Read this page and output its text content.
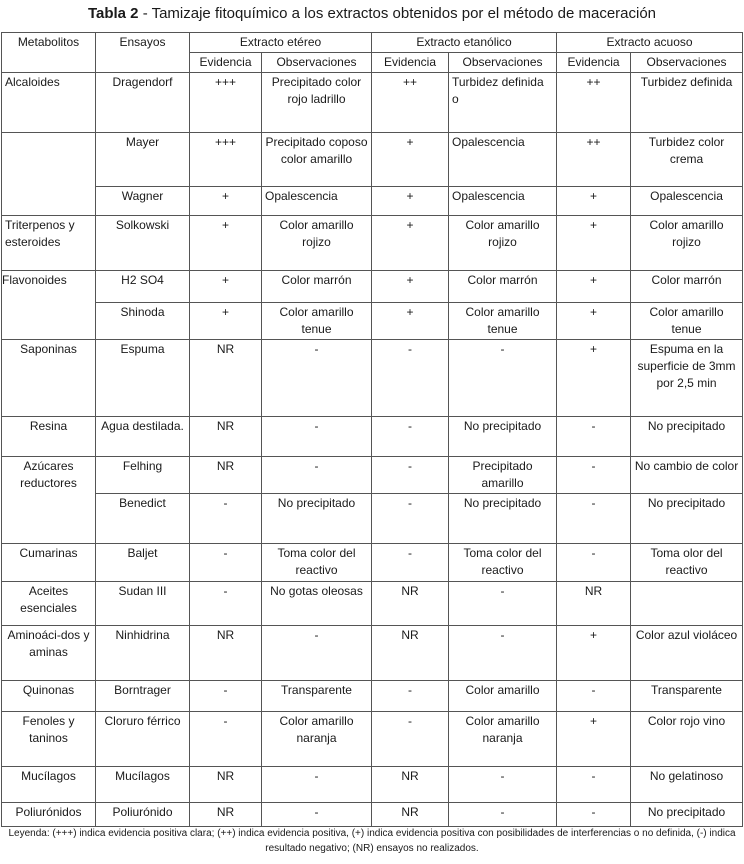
Tabla 2 - Tamizaje fitoquímico a los extractos obtenidos por el método de maceración
Metabolitos	Ensayos	Extracto etéreo		Extracto etanólico		Extracto acuoso	
		Evidencia	Observaciones	Evidencia	Observaciones	Evidencia	Observaciones
Alcaloides	Dragendorf	+++	Precipitado color rojo ladrillo	++	Turbidez definida o	++	Turbidez definida
	Mayer	+++	Precipitado coposo color amarillo	+	Opalescencia	++	Turbidez color crema
	Wagner	+	Opalescencia	+	Opalescencia	+	Opalescencia
Triterpenos y esteroides	Solkowski	+	Color amarillo rojizo	+	Color amarillo rojizo	+	Color amarillo rojizo
Flavonoides	H2 SO4	+	Color marrón	+	Color marrón	+	Color marrón
	Shinoda	+	Color amarillo tenue	+	Color amarillo tenue	+	Color amarillo tenue
Saponinas	Espuma	NR	-	-	-	+	Espuma en la superficie de 3mm por 2,5 min
Resina	Agua destilada.	NR	-	-	No precipitado	-	No precipitado
Azúcares reductores	Felhing	NR	-	-	Precipitado amarillo	-	No cambio de color
	Benedict	-	No precipitado	-	No precipitado	-	No precipitado
Cumarinas	Baljet	-	Toma color del reactivo	-	Toma color del reactivo	-	Toma olor del reactivo
Aceites esenciales	Sudan III	-	No gotas oleosas	NR	-	NR	
Aminoáci-dos y aminas	Ninhidrina	NR	-	NR	-	+	Color azul violáceo
Quinonas	Borntrager	-	Transparente	-	Color amarillo	-	Transparente
Fenoles y taninos	Cloruro férrico	-	Color amarillo naranja	-	Color amarillo naranja	+	Color rojo vino
Mucílagos	Mucílagos	NR	-	NR	-	-	No gelatinoso
Poliurónidos	Poliurónido	NR	-	NR	-	-	No precipitado
Leyenda: (+++) indica evidencia positiva clara; (++) indica evidencia positiva, (+) indica evidencia positiva con posibilidades de interferencias o no definida, (-) indica resultado negativo; (NR) ensayos no realizados.
